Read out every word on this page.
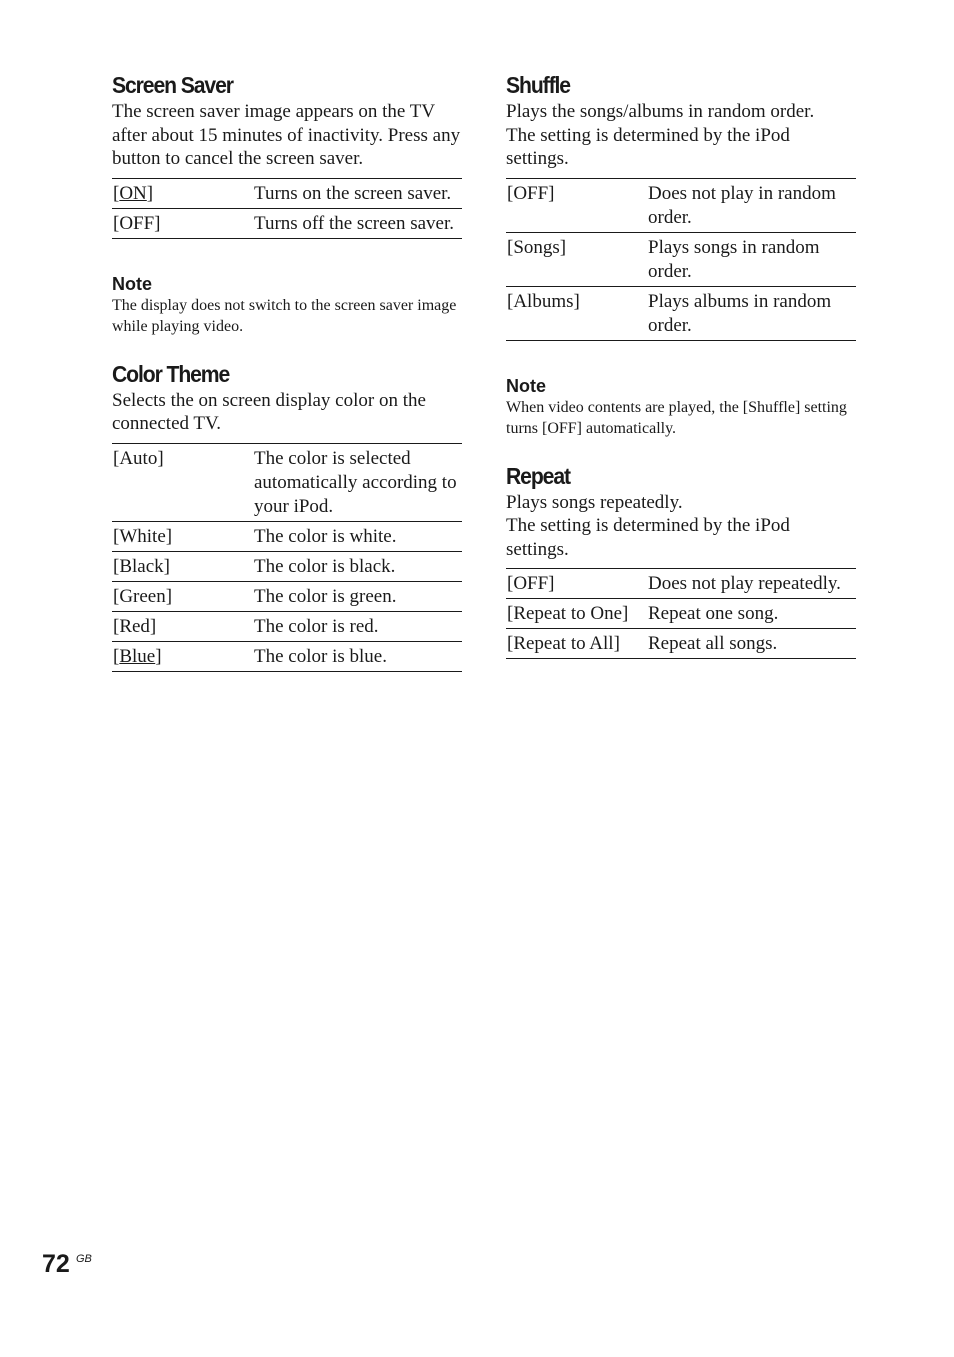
Screen Saver

The screen saver image appears on the TV after about 15 minutes of inactivity. Press any button to cancel the screen saver.

[ON]	Turns on the screen saver.
[OFF]	Turns off the screen saver.
Note

The display does not switch to the screen saver image while playing video.

Color Theme

Selects the on screen display color on the connected TV.

[Auto]	The color is selected automatically according to your iPod.
[White]	The color is white.
[Black]	The color is black.
[Green]	The color is green.
[Red]	The color is red.
[Blue]	The color is blue.
Shuffle

Plays the songs/albums in random order.
The setting is determined by the iPod settings.

[OFF]	Does not play in random order.
[Songs]	Plays songs in random order.
[Albums]	Plays albums in random order.
Note

When video contents are played, the [Shuffle] setting turns [OFF] automatically.

Repeat

Plays songs repeatedly.
The setting is determined by the iPod settings.

[OFF]	Does not play repeatedly.
[Repeat to One]	Repeat one song.
[Repeat to All]	Repeat all songs.
72 GB
